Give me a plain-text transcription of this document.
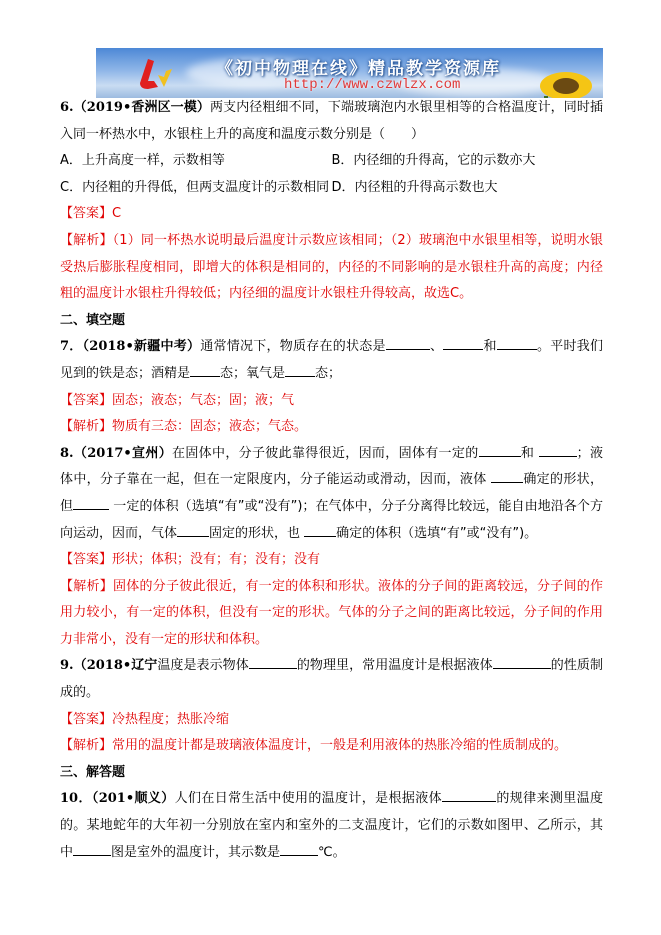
《初中物理在线》精品教学资源库
http://www.czwlzx.com
6.（2019•香洲区一模）两支内径粗细不同，下端玻璃泡内水银里相等的合格温度计，同时插入同一杯热水中，水银柱上升的高度和温度示数分别是（　　）
A．上升高度一样，示数相等	B．内径细的升得高，它的示数亦大
C．内径粗的升得低，但两支温度计的示数相同 D．内径粗的升得高示数也大
【答案】C
【解析】（1）同一杯热水说明最后温度计示数应该相同；（2）玻璃泡中水银里相等，说明水银受热后膨胀程度相同，即增大的体积是相同的，内径的不同影响的是水银柱升高的高度；内径粗的温度计水银柱升得较低；内径细的温度计水银柱升得较高，故选C。
二、填空题
7．（2018•新疆中考）通常情况下，物质存在的状态是	、	和	。平时我们见到的铁是态；酒精是 态；氧气是 态；
【答案】固态；液态；气态；固；液；气
【解析】物质有三态：固态；液态；气态。
8.（2017•宣州）在固体中，分子彼此靠得很近，因而，固体有一定的	和	；液体中，分子靠在一起，但在一定限度内，分子能运动或滑动，因而，液体	确定的形状，但	一定的体积（选填“有”或“没有”)；在气体中，分子分离得比较远，能自由地沿各个方向运动，因而，气体 固定的形状，也	确定的体积（选填“有”或“没有”)。
【答案】形状；体积；没有；有；没有；没有
【解析】固体的分子彼此很近，有一定的体积和形状。液体的分子间的距离较远，分子间的作用力较小，有一定的体积，但没有一定的形状。气体的分子之间的距离比较远，分子间的作用力非常小，没有一定的形状和体积。
9.（2018•辽宁温度是表示物体	的物理里，常用温度计是根据液体	的性质制成的。
【答案】冷热程度；热胀冷缩
【解析】常用的温度计都是玻璃液体温度计，一般是利用液体的热胀冷缩的性质制成的。
三、解答题
10．（201•顺义）人们在日常生活中使用的温度计，是根据液体	的规律来测里温度的。某地蛇年的大年初一分别放在室内和室外的二支温度计，它们的示数如图甲、乙所示，其中	图是室外的温度计，其示数是	℃。
